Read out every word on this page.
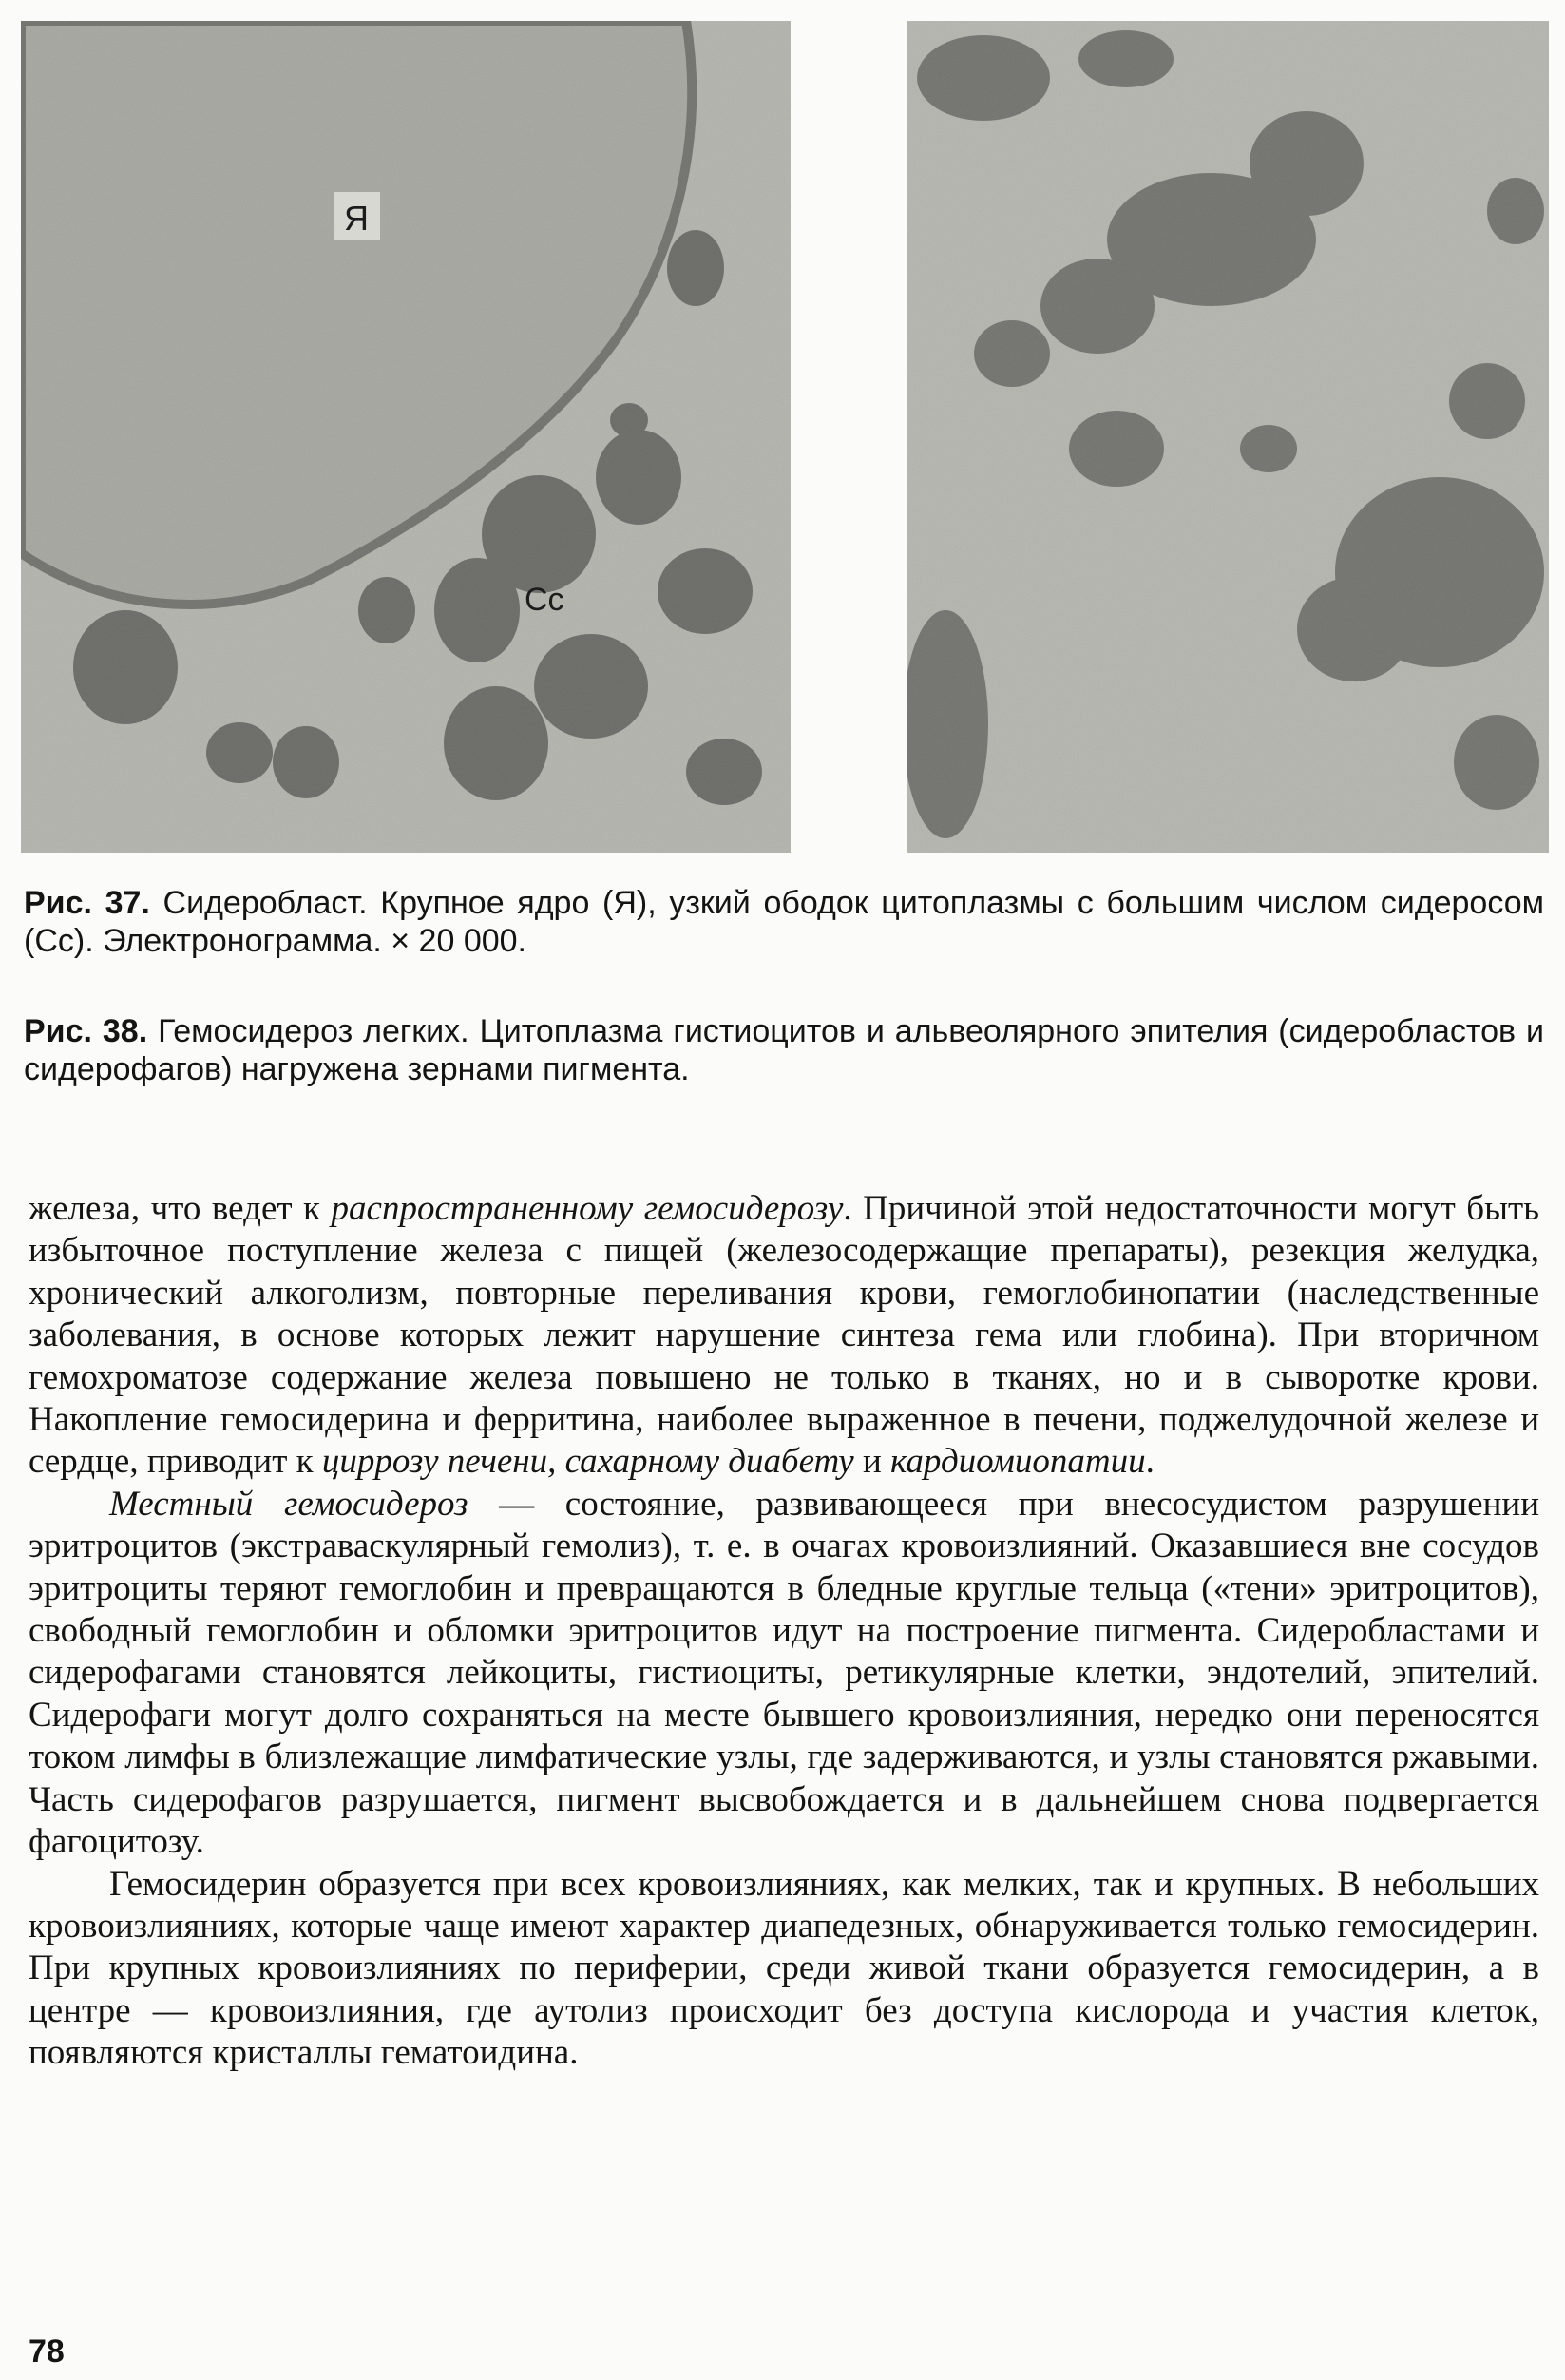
Я
Сс
Рис. 37. Сидеробласт. Крупное ядро (Я), узкий ободок цитоплазмы с большим числом сидеросом (Сс). Электронограмма. × 20 000.
Рис. 38. Гемосидероз легких. Цитоплазма гистиоцитов и альвеолярного эпителия (сидеробластов и сидерофагов) нагружена зернами пигмента.

железа, что ведет к распространенному гемосидерозу. Причиной этой недостаточности могут быть избыточное поступление железа с пищей (железосодержащие препараты), резекция желудка, хронический алкоголизм, повторные переливания крови, гемоглобинопатии (наследственные заболевания, в основе которых лежит нарушение синтеза гема или глобина). При вторичном гемохроматозе содержание железа повышено не только в тканях, но и в сыворотке крови. Накопление гемосидерина и ферритина, наиболее выраженное в печени, поджелудочной железе и сердце, приводит к циррозу печени, сахарному диабету и кардиомиопатии.

Местный гемосидероз — состояние, развивающееся при внесосудистом разрушении эритроцитов (экстраваскулярный гемолиз), т. е. в очагах кровоизлияний. Оказавшиеся вне сосудов эритроциты теряют гемоглобин и превращаются в бледные круглые тельца («тени» эритроцитов), свободный гемоглобин и обломки эритроцитов идут на построение пигмента. Сидеробластами и сидерофагами становятся лейкоциты, гистиоциты, ретикулярные клетки, эндотелий, эпителий. Сидерофаги могут долго сохраняться на месте бывшего кровоизлияния, нередко они переносятся током лимфы в близлежащие лимфатические узлы, где задерживаются, и узлы становятся ржавыми. Часть сидерофагов разрушается, пигмент высвобождается и в дальнейшем снова подвергается фагоцитозу.

Гемосидерин образуется при всех кровоизлияниях, как мелких, так и крупных. В небольших кровоизлияниях, которые чаще имеют характер диапедезных, обнаруживается только гемосидерин. При крупных кровоизлияниях по периферии, среди живой ткани образуется гемосидерин, а в центре — кровоизлияния, где аутолиз происходит без доступа кислорода и участия клеток, появляются кристаллы гематоидина.

78
